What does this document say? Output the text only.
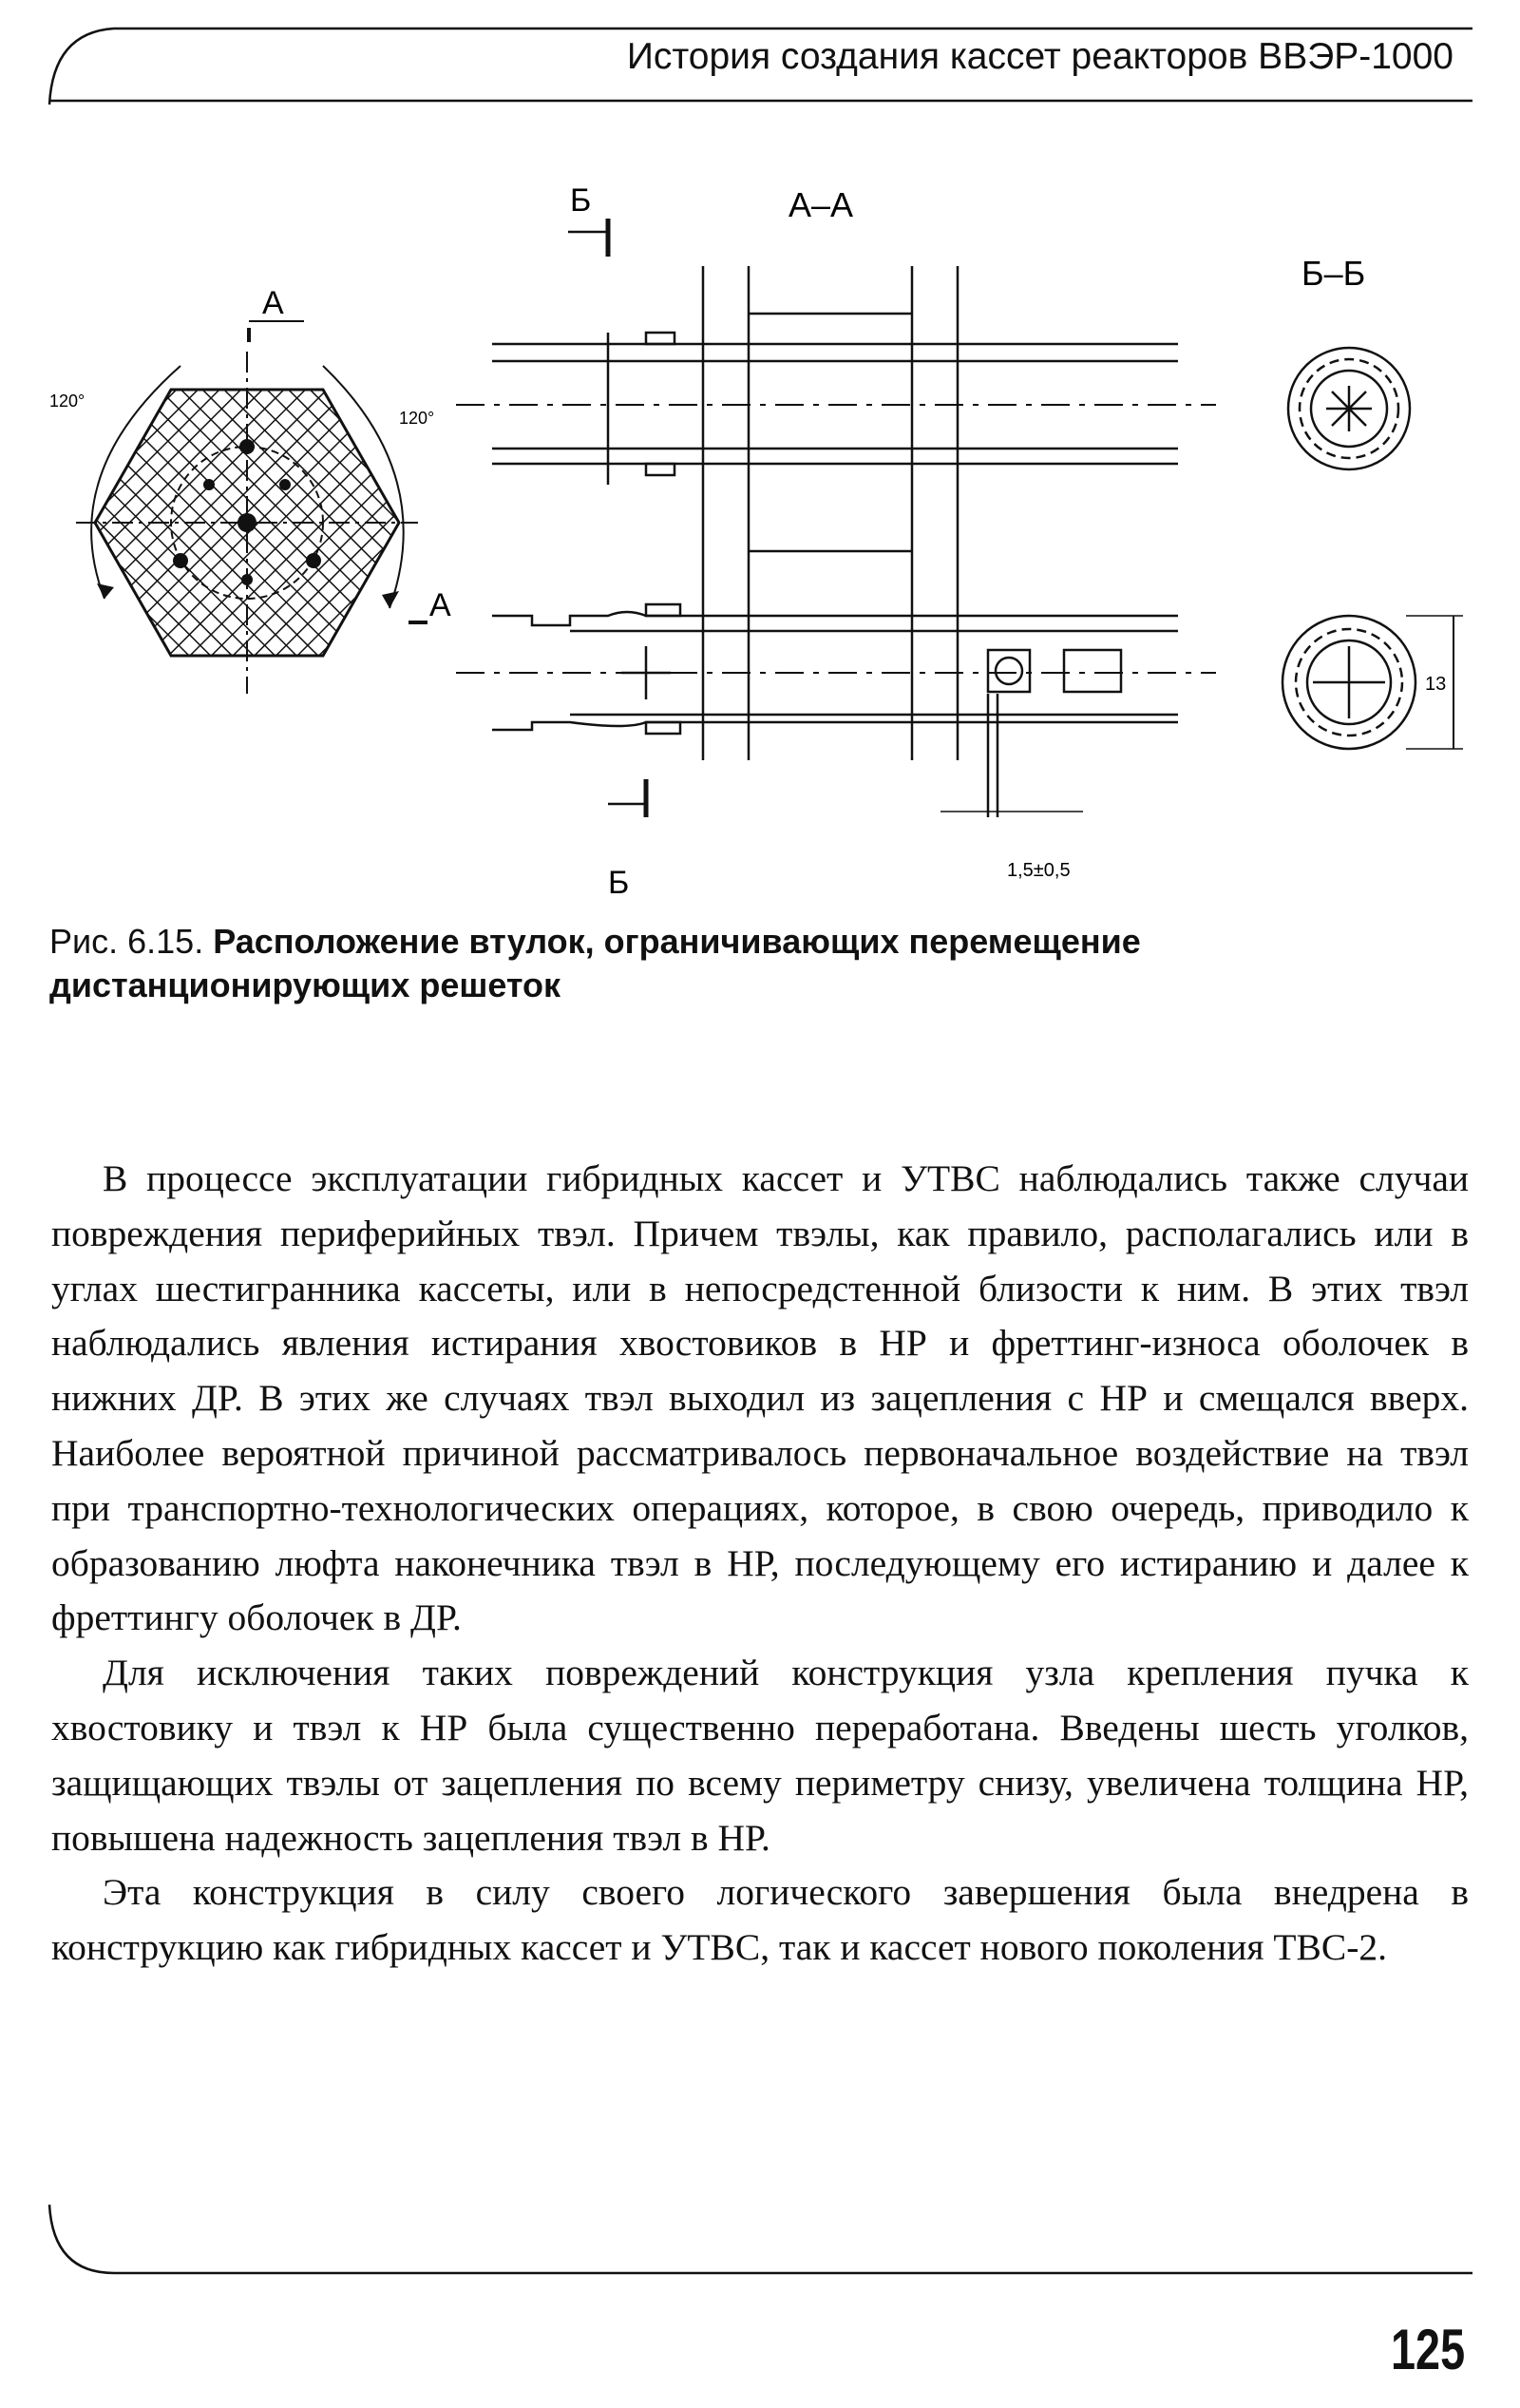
История создания кассет реакторов ВВЭР-1000
А
А
120°
120°
Б
Б
А–А
1,5±0,5
Б–Б
13
Рис. 6.15. Расположение втулок, ограничивающих перемещение дистанционирующих решеток

В процессе эксплуатации гибридных кассет и УТВС наблюдались также случаи повреждения периферийных твэл. Причем твэлы, как правило, располагались или в углах шестигранника кассеты, или в непосредстенной близости к ним. В этих твэл наблюдались явления истирания хвостовиков в НР и фреттинг-износа оболочек в нижних ДР. В этих же случаях твэл выходил из зацепления с НР и смещался вверх. Наиболее вероятной причиной рассматривалось первоначальное воздействие на твэл при транспортно-технологических операциях, которое, в свою очередь, приводило к образованию люфта наконечника твэл в НР, последующему его истиранию и далее к фреттингу оболочек в ДР.

Для исключения таких повреждений конструкция узла крепления пучка к хвостовику и твэл к НР была существенно переработана. Введены шесть уголков, защищающих твэлы от зацепления по всему периметру снизу, увеличена толщина НР, повышена надежность зацепления твэл в НР.

Эта конструкция в силу своего логического завершения была внедрена в конструкцию как гибридных кассет и УТВС, так и кассет нового поколения ТВС-2.

125
